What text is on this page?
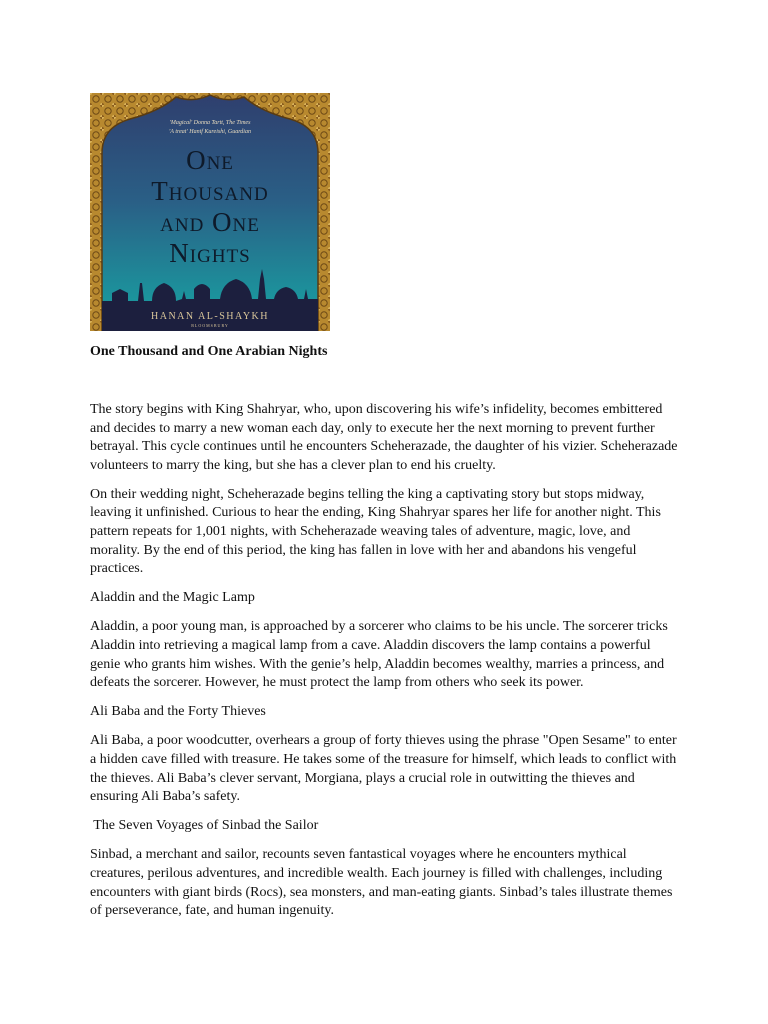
'Magical' Donna Tartt, The Times
'A treat' Hanif Kureishi, Guardian
One
Thousand
and One
Nights
HANAN AL-SHAYKH
BLOOMSBURY

One Thousand and One Arabian Nights

The story begins with King Shahryar, who, upon discovering his wife’s infidelity, becomes embittered and decides to marry a new woman each day, only to execute her the next morning to prevent further betrayal. This cycle continues until he encounters Scheherazade, the daughter of his vizier. Scheherazade volunteers to marry the king, but she has a clever plan to end his cruelty.

On their wedding night, Scheherazade begins telling the king a captivating story but stops midway, leaving it unfinished. Curious to hear the ending, King Shahryar spares her life for another night. This pattern repeats for 1,001 nights, with Scheherazade weaving tales of adventure, magic, love, and morality. By the end of this period, the king has fallen in love with her and abandons his vengeful practices.

Aladdin and the Magic Lamp

Aladdin, a poor young man, is approached by a sorcerer who claims to be his uncle. The sorcerer tricks Aladdin into retrieving a magical lamp from a cave. Aladdin discovers the lamp contains a powerful genie who grants him wishes. With the genie’s help, Aladdin becomes wealthy, marries a princess, and defeats the sorcerer. However, he must protect the lamp from others who seek its power.

Ali Baba and the Forty Thieves

Ali Baba, a poor woodcutter, overhears a group of forty thieves using the phrase "Open Sesame" to enter a hidden cave filled with treasure. He takes some of the treasure for himself, which leads to conflict with the thieves. Ali Baba’s clever servant, Morgiana, plays a crucial role in outwitting the thieves and ensuring Ali Baba’s safety.

The Seven Voyages of Sinbad the Sailor

Sinbad, a merchant and sailor, recounts seven fantastical voyages where he encounters mythical creatures, perilous adventures, and incredible wealth. Each journey is filled with challenges, including encounters with giant birds (Rocs), sea monsters, and man-eating giants. Sinbad’s tales illustrate themes of perseverance, fate, and human ingenuity.
